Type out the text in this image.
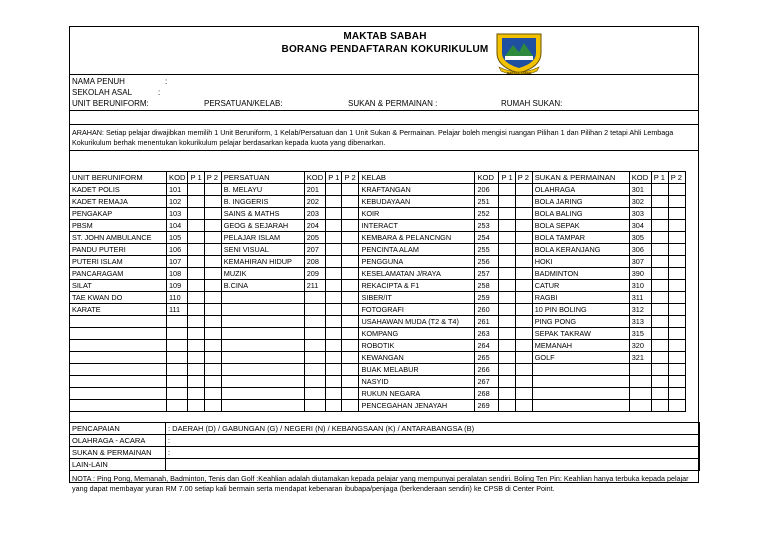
MAKTAB SABAH
BORANG PENDAFTARAN KOKURIKULUM
MAKTAB SABAH
NAMA PENUH	:
SEKOLAH ASAL	:
UNIT BERUNIFORM:	PERSATUAN/KELAB:	SUKAN & PERMAINAN :	RUMAH SUKAN:
ARAHAN: Setiap pelajar diwajibkan memilih 1 Unit Beruniform, 1 Kelab/Persatuan dan 1 Unit Sukan & Permainan. Pelajar boleh mengisi ruangan Pilihan 1 dan Pilihan 2 tetapi Ahli Lembaga Kokurikulum berhak menentukan kokurikulum pelajar berdasarkan kepada kuota yang dibenarkan.
UNIT BERUNIFORM	KOD	P 1	P 2	PERSATUAN	KOD	P 1	P 2	KELAB	KOD	P 1	P 2	SUKAN & PERMAINAN	KOD	P 1	P 2
KADET POLIS	101			B. MELAYU	201			KRAFTANGAN	206			OLAHRAGA	301		
KADET REMAJA	102			B. INGGERIS	202			KEBUDAYAAN	251			BOLA JARING	302		
PENGAKAP	103			SAINS & MATHS	203			KOIR	252			BOLA BALING	303		
PBSM	104			GEOG & SEJARAH	204			INTERACT	253			BOLA SEPAK	304		
ST. JOHN AMBULANCE	105			PELAJAR ISLAM	205			KEMBARA & PELANCNGN	254			BOLA TAMPAR	305		
PANDU PUTERI	106			SENI VISUAL	207			PENCINTA ALAM	255			BOLA KERANJANG	306		
PUTERI ISLAM	107			KEMAHIRAN HIDUP	208			PENGGUNA	256			HOKI	307		
PANCARAGAM	108			MUZIK	209			KESELAMATAN J/RAYA	257			BADMINTON	390		
SILAT	109			B.CINA	211			REKACIPTA & F1	258			CATUR	310		
TAE KWAN DO	110							SIBER/IT	259			RAGBI	311		
KARATE	111							FOTOGRAFI	260			10 PIN BOLING	312		
								USAHAWAN MUDA (T2 & T4)	261			PING PONG	313		
								KOMPANG	263			SEPAK TAKRAW	315		
								ROBOTIK	264			MEMANAH	320		
								KEWANGAN	265			GOLF	321		
								BUAK MELABUR	266						
								NASYID	267						
								RUKUN NEGARA	268						
								PENCEGAHAN JENAYAH	269						
PENCAPAIAN	: DAERAH (D) / GABUNGAN (G) / NEGERI (N) / KEBANGSAAN (K) / ANTARABANGSA (B)
OLAHRAGA - ACARA	:
SUKAN & PERMAINAN	:
LAIN-LAIN	
NOTA : Ping Pong, Memanah, Badminton, Tenis dan Golf :Keahlian adalah diutamakan kepada pelajar yang mempunyai peralatan sendiri. Boling Ten Pin: Keahlian hanya terbuka kepada pelajar yang dapat membayar yuran RM 7.00 setiap kali bermain serta mendapat kebenaran ibubapa/penjaga (berkenderaan sendiri) ke CPSB di Center Point.
